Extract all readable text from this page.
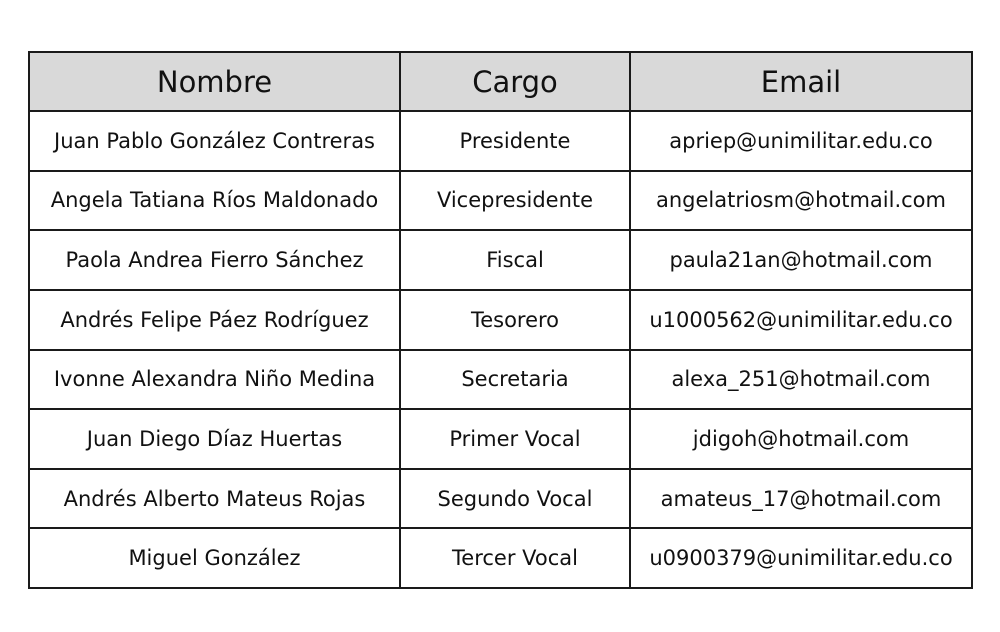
Nombre	Cargo	Email
Juan Pablo González Contreras	Presidente	apriep@unimilitar.edu.co
Angela Tatiana Ríos Maldonado	Vicepresidente	angelatriosm@hotmail.com
Paola Andrea Fierro Sánchez	Fiscal	paula21an@hotmail.com
Andrés Felipe Páez Rodríguez	Tesorero	u1000562@unimilitar.edu.co
Ivonne Alexandra Niño Medina	Secretaria	alexa_251@hotmail.com
Juan Diego Díaz Huertas	Primer Vocal	jdigoh@hotmail.com
Andrés Alberto Mateus Rojas	Segundo Vocal	amateus_17@hotmail.com
Miguel González	Tercer Vocal	u0900379@unimilitar.edu.co
